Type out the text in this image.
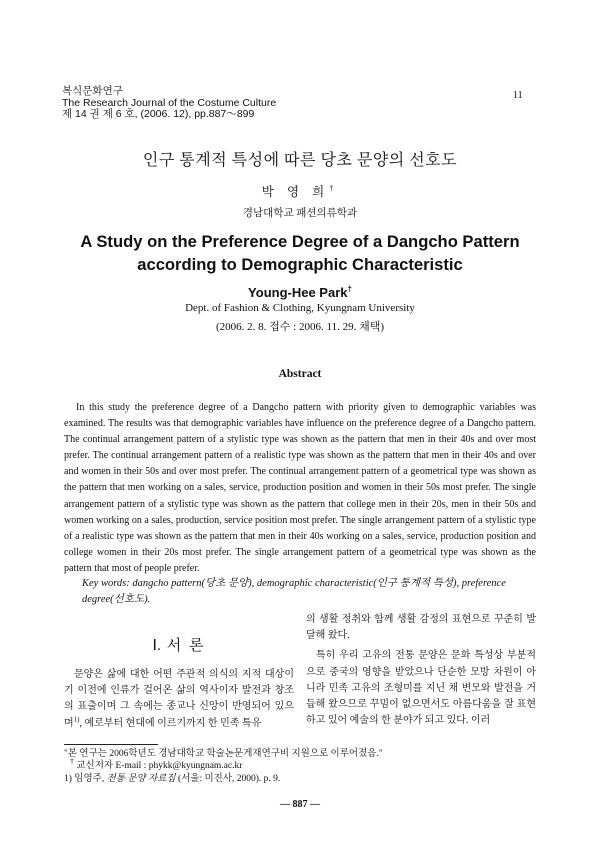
복식문화연구
The Research Journal of the Costume Culture
제 14 권 제 6 호, (2006. 12), pp.887～899
11
인구 통계적 특성에 따른 당초 문양의 선호도
박 영 희†
경남대학교 패션의류학과
A Study on the Preference Degree of a Dangcho Pattern according to Demographic Characteristic
Young-Hee Park†
Dept. of Fashion & Clothing, Kyungnam University
(2006. 2. 8. 접수 : 2006. 11. 29. 채택)
Abstract

In this study the preference degree of a Dangcho pattern with priority given to demographic variables was examined. The results was that demographic variables have influence on the preference degree of a Dangcho pattern. The continual arrangement pattern of a stylistic type was shown as the pattern that men in their 40s and over most prefer. The continual arrangement pattern of a realistic type was shown as the pattern that men in their 40s and over and women in their 50s and over most prefer. The continual arrangement pattern of a geometrical type was shown as the pattern that men working on a sales, service, production position and women in their 50s most prefer. The single arrangement pattern of a stylistic type was shown as the pattern that college men in their 20s, men in their 50s and women working on a sales, production, service position most prefer. The single arrangement pattern of a stylistic type of a realistic type was shown as the pattern that men in their 40s working on a sales, service, production position and college women in their 20s most prefer. The single arrangement pattern of a geometrical type was shown as the pattern that most of people prefer.

Key words: dangcho pattern(당초 문양), demographic characteristic(인구 통계적 특성), preference degree(선호도).

Ⅰ. 서 론

문양은 삶에 대한 어떤 주관적 의식의 지적 대상이기 이전에 인류가 걸어온 삶의 역사이자 발전과 창조의 표출이며 그 속에는 종교나 신앙이 반영되어 있으며$^{1)}$, 예로부터 현대에 이르기까지 한 민족 특유

의 생활 정취와 함께 생활 감정의 표현으로 꾸준히 발달해 왔다.

특히 우리 고유의 전통 문양은 문화 특성상 부분적으로 중국의 영향을 받았으나 단순한 모방 차원이 아니라 민족 고유의 조형미를 지닌 채 변모와 발전을 거듭해 왔으므로 꾸밈이 없으면서도 아름다움을 잘 표현하고 있어 예술의 한 분야가 되고 있다. 이러

"본 연구는 2006학년도 경남대학교 학술논문게재연구비 지원으로 이루어졌음."
† 교신저자 E-mail : phykk@kyungnam.ac.kr
1) 임영주, 전통 문양 자료집 (서울: 미진사, 2000). p. 9.
― 887 ―
